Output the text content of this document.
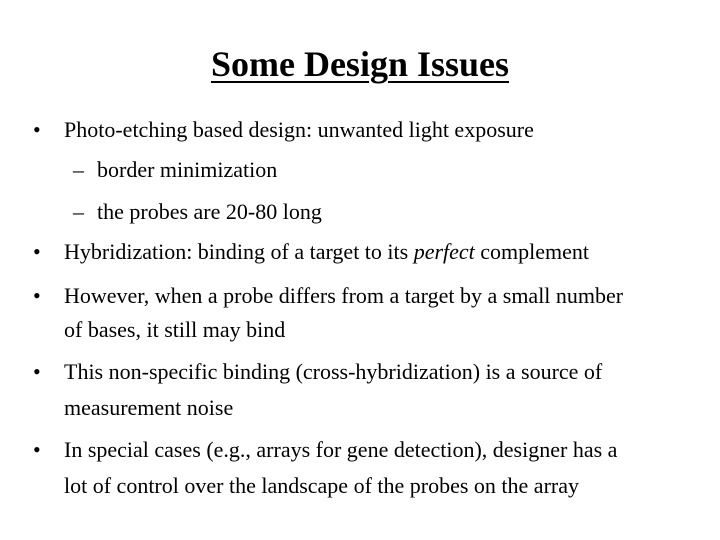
Some Design Issues
• Photo-etching based design: unwanted light exposure
– border minimization
– the probes are 20-80 long
• Hybridization: binding of a target to its perfect complement
• However, when a probe differs from a target by a small number
of bases, it still may bind
• This non-specific binding (cross-hybridization) is a source of
measurement noise
• In special cases (e.g., arrays for gene detection), designer has a
lot of control over the landscape of the probes on the array
